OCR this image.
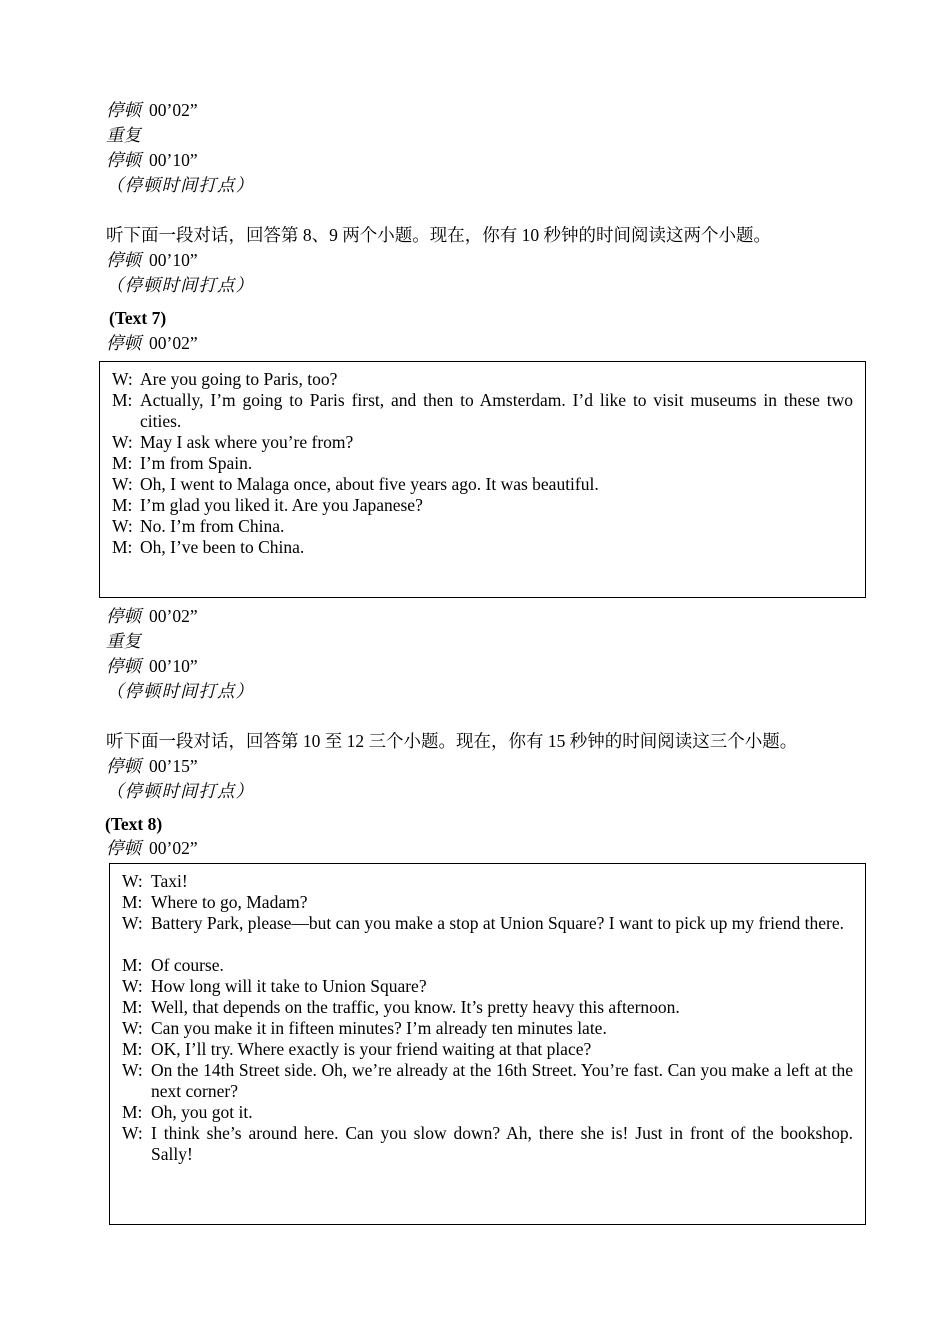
停顿 00’02”
重复
停顿 00’10”
（停顿时间打点）
听下面一段对话，回答第 8、9 两个小题。现在，你有 10 秒钟的时间阅读这两个小题。
停顿 00’10”
（停顿时间打点）
(Text 7)
停顿 00’02”
W: Are you going to Paris, too?
M: Actually, I’m going to Paris first, and then to Amsterdam. I’d like to visit museums in these two cities.
W: May I ask where you’re from?
M: I’m from Spain.
W: Oh, I went to Malaga once, about five years ago. It was beautiful.
M: I’m glad you liked it. Are you Japanese?
W: No. I’m from China.
M: Oh, I’ve been to China.
停顿 00’02”
重复
停顿 00’10”
（停顿时间打点）
听下面一段对话，回答第 10 至 12 三个小题。现在，你有 15 秒钟的时间阅读这三个小题。
停顿 00’15”
（停顿时间打点）
(Text 8)
停顿 00’02”
W: Taxi!
M: Where to go, Madam?
W: Battery Park, please—but can you make a stop at Union Square? I want to pick up my friend there.
M: Of course.
W: How long will it take to Union Square?
M: Well, that depends on the traffic, you know. It’s pretty heavy this afternoon.
W: Can you make it in fifteen minutes? I’m already ten minutes late.
M: OK, I’ll try. Where exactly is your friend waiting at that place?
W: On the 14th Street side. Oh, we’re already at the 16th Street. You’re fast. Can you make a left at the next corner?
M: Oh, you got it.
W: I think she’s around here. Can you slow down? Ah, there she is! Just in front of the bookshop. Sally!
